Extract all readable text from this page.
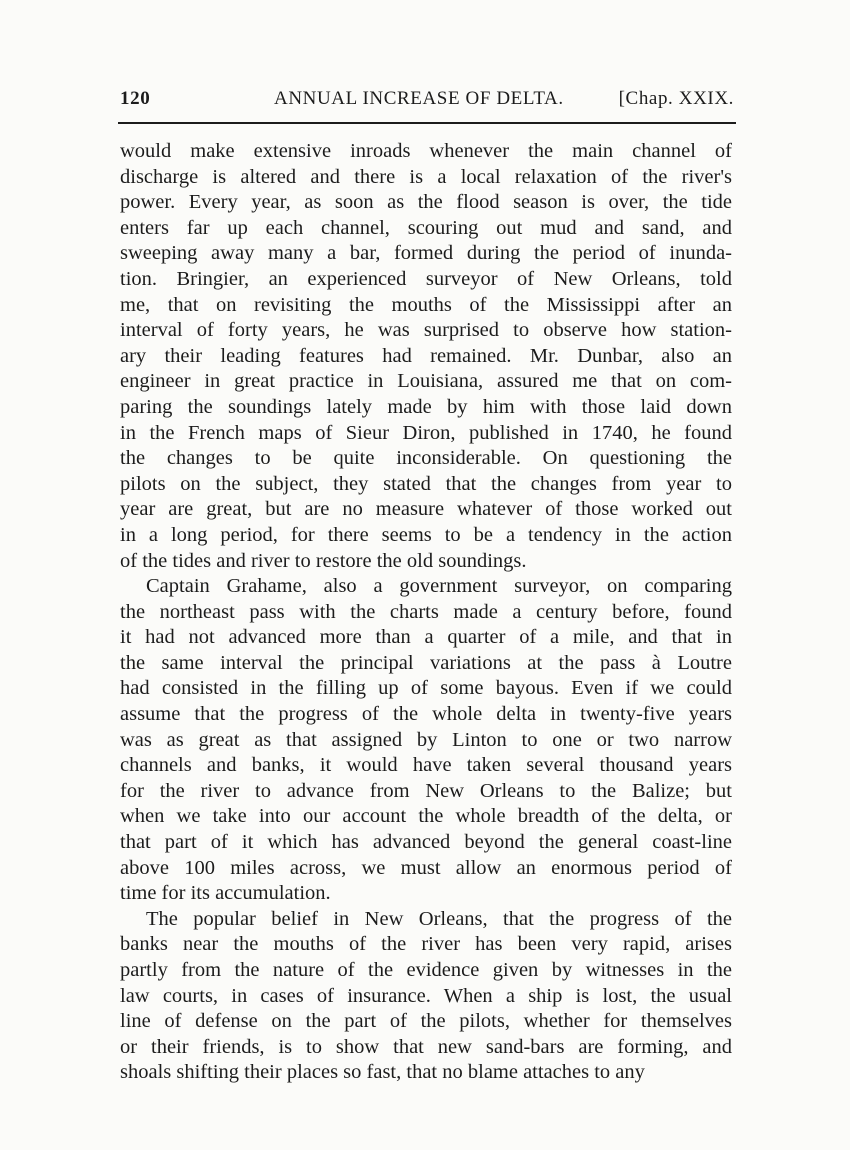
120	ANNUAL INCREASE OF DELTA.	[Chap. XXIX.

would make extensive inroads whenever the main channel of
discharge is altered and there is a local relaxation of the river's
power. Every year, as soon as the flood season is over, the tide
enters far up each channel, scouring out mud and sand, and
sweeping away many a bar, formed during the period of inunda-
tion. Bringier, an experienced surveyor of New Orleans, told
me, that on revisiting the mouths of the Mississippi after an
interval of forty years, he was surprised to observe how station-
ary their leading features had remained. Mr. Dunbar, also an
engineer in great practice in Louisiana, assured me that on com-
paring the soundings lately made by him with those laid down
in the French maps of Sieur Diron, published in 1740, he found
the changes to be quite inconsiderable. On questioning the
pilots on the subject, they stated that the changes from year to
year are great, but are no measure whatever of those worked out
in a long period, for there seems to be a tendency in the action
of the tides and river to restore the old soundings.

Captain Grahame, also a government surveyor, on comparing
the northeast pass with the charts made a century before, found
it had not advanced more than a quarter of a mile, and that in
the same interval the principal variations at the pass à Loutre
had consisted in the filling up of some bayous. Even if we could
assume that the progress of the whole delta in twenty-five years
was as great as that assigned by Linton to one or two narrow
channels and banks, it would have taken several thousand years
for the river to advance from New Orleans to the Balize; but
when we take into our account the whole breadth of the delta, or
that part of it which has advanced beyond the general coast-line
above 100 miles across, we must allow an enormous period of
time for its accumulation.

The popular belief in New Orleans, that the progress of the
banks near the mouths of the river has been very rapid, arises
partly from the nature of the evidence given by witnesses in the
law courts, in cases of insurance. When a ship is lost, the usual
line of defense on the part of the pilots, whether for themselves
or their friends, is to show that new sand-bars are forming, and
shoals shifting their places so fast, that no blame attaches to any
